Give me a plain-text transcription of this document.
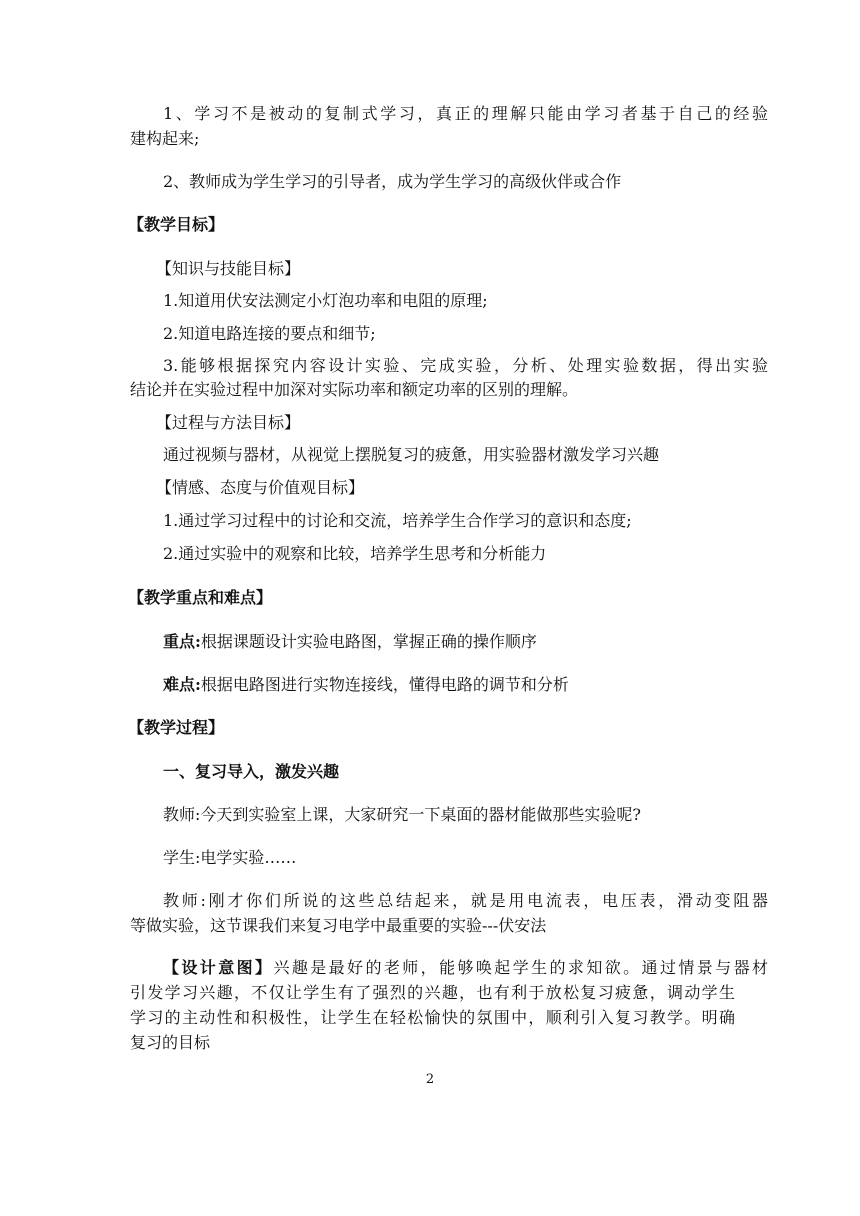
1、学习不是被动的复制式学习，真正的理解只能由学习者基于自己的经验
建构起来;
2、教师成为学生学习的引导者，成为学生学习的高级伙伴或合作
【教学目标】
【知识与技能目标】
1.知道用伏安法测定小灯泡功率和电阻的原理;
2.知道电路连接的要点和细节;
3.能够根据探究内容设计实验、完成实验，分析、处理实验数据，得出实验
结论并在实验过程中加深对实际功率和额定功率的区别的理解。
【过程与方法目标】
通过视频与器材，从视觉上摆脱复习的疲惫，用实验器材激发学习兴趣
【情感、态度与价值观目标】
1.通过学习过程中的讨论和交流，培养学生合作学习的意识和态度;
2.通过实验中的观察和比较，培养学生思考和分析能力
【教学重点和难点】
重点:根据课题设计实验电路图，掌握正确的操作顺序
难点:根据电路图进行实物连接线，懂得电路的调节和分析
【教学过程】
一、复习导入，激发兴趣
教师:今天到实验室上课，大家研究一下桌面的器材能做那些实验呢?
学生:电学实验……
教师:刚才你们所说的这些总结起来，就是用电流表，电压表，滑动变阻器
等做实验，这节课我们来复习电学中最重要的实验---伏安法
【设计意图】兴趣是最好的老师，能够唤起学生的求知欲。通过情景与器材
引发学习兴趣，不仅让学生有了强烈的兴趣，也有利于放松复习疲惫，调动学生
学习的主动性和积极性，让学生在轻松愉快的氛围中，顺利引入复习教学。明确
复习的目标
2
